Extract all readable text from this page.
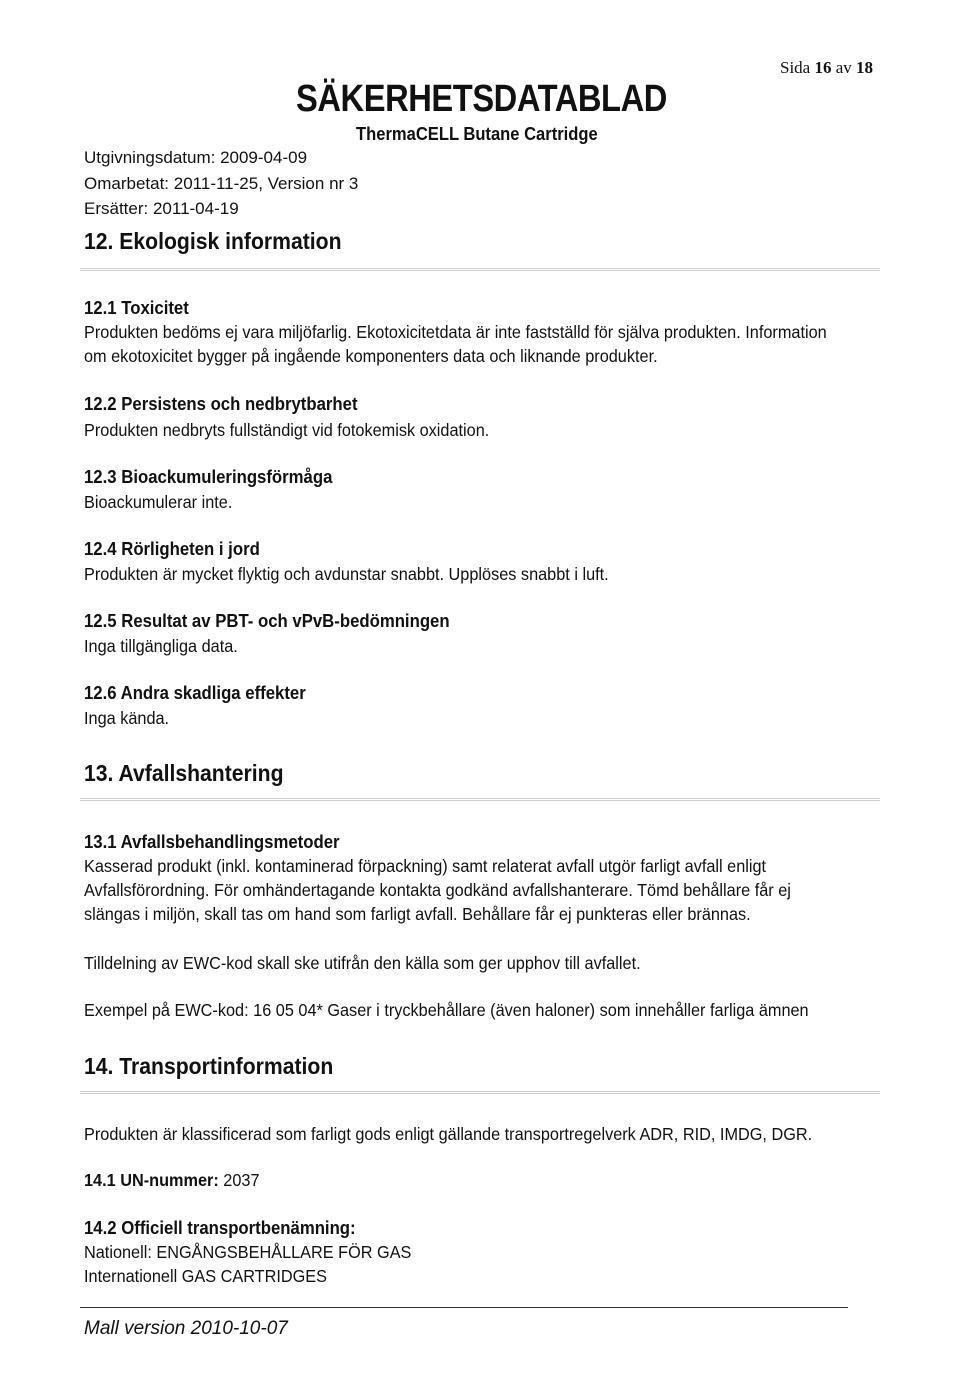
Sida 16 av 18
SÄKERHETSDATABLAD
ThermaCELL Butane Cartridge
Utgivningsdatum: 2009-04-09
Omarbetat: 2011-11-25, Version nr 3
Ersätter: 2011-04-19
12. Ekologisk information
12.1 Toxicitet
Produkten bedöms ej vara miljöfarlig. Ekotoxicitetdata är inte fastställd för själva produkten. Information
om ekotoxicitet bygger på ingående komponenters data och liknande produkter.
12.2 Persistens och nedbrytbarhet
Produkten nedbryts fullständigt vid fotokemisk oxidation.
12.3 Bioackumuleringsförmåga
Bioackumulerar inte.
12.4 Rörligheten i jord
Produkten är mycket flyktig och avdunstar snabbt. Upplöses snabbt i luft.
12.5 Resultat av PBT- och vPvB-bedömningen
Inga tillgängliga data.
12.6 Andra skadliga effekter
Inga kända.
13. Avfallshantering
13.1 Avfallsbehandlingsmetoder
Kasserad produkt (inkl. kontaminerad förpackning) samt relaterat avfall utgör farligt avfall enligt
Avfallsförordning. För omhändertagande kontakta godkänd avfallshanterare. Tömd behållare får ej
slängas i miljön, skall tas om hand som farligt avfall. Behållare får ej punkteras eller brännas.
Tilldelning av EWC-kod skall ske utifrån den källa som ger upphov till avfallet.
Exempel på EWC-kod: 16 05 04* Gaser i tryckbehållare (även haloner) som innehåller farliga ämnen
14. Transportinformation
Produkten är klassificerad som farligt gods enligt gällande transportregelverk ADR, RID, IMDG, DGR.
14.1 UN-nummer: 2037
14.2 Officiell transportbenämning:
Nationell: ENGÅNGSBEHÅLLARE FÖR GAS
Internationell GAS CARTRIDGES
Mall version 2010-10-07
